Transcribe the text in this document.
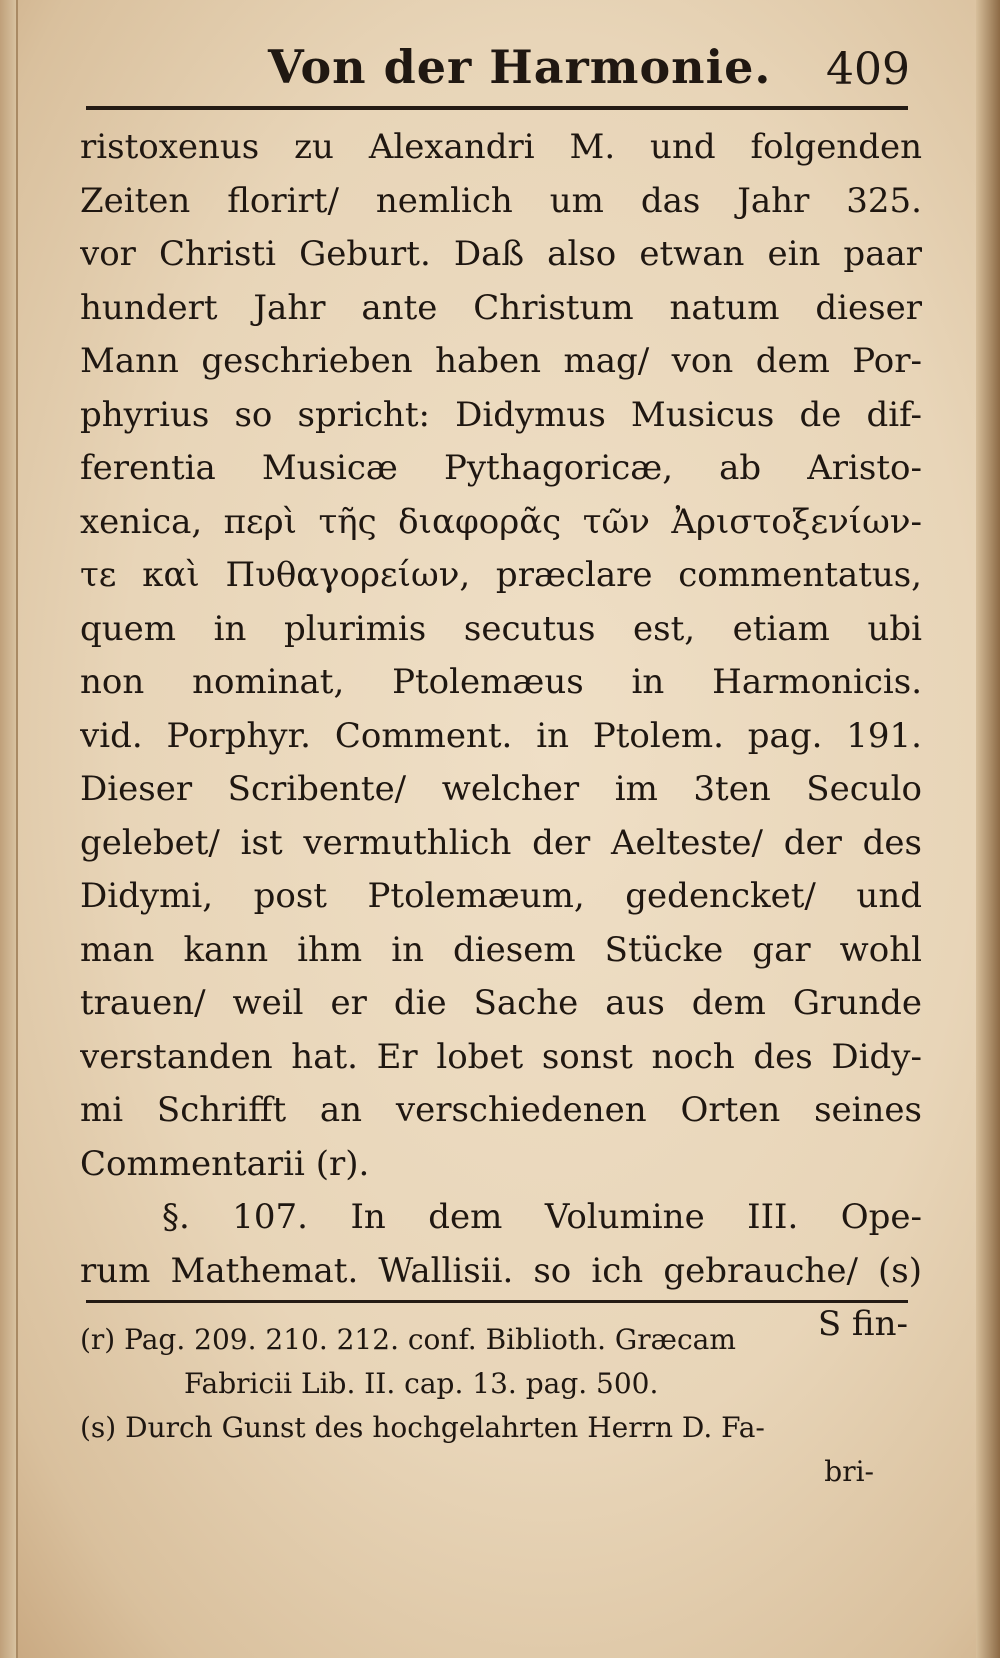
Von der Harmonie. 409
ristoxenus zu Alexandri M. und folgenden
Zeiten florirt/ nemlich um das Jahr 325.
vor Christi Geburt. Daß also etwan ein paar
hundert Jahr ante Christum natum dieser
Mann geschrieben haben mag/ von dem Por-
phyrius so spricht: Didymus Musicus de dif-
ferentia Musicæ Pythagoricæ, ab Aristo-
xenica, περὶ τῆς διαφορᾶς τῶν Ἀριστοξενίων-
τε καὶ Πυθαγορείων, præclare commentatus,
quem in plurimis secutus est, etiam ubi
non nominat, Ptolemæus in Harmonicis.
vid. Porphyr. Comment. in Ptolem. pag. 191.
Dieser Scribente/ welcher im 3ten Seculo
gelebet/ ist vermuthlich der Aelteste/ der des
Didymi, post Ptolemæum, gedencket/ und
man kann ihm in diesem Stücke gar wohl
trauen/ weil er die Sache aus dem Grunde
verstanden hat. Er lobet sonst noch des Didy-
mi Schrifft an verschiedenen Orten seines
Commentarii (r).
§. 107. In dem Volumine III. Ope-
rum Mathemat. Wallisii. so ich gebrauche/ (s)
S fin-
(r) Pag. 209. 210. 212. conf. Biblioth. Græcam
Fabricii Lib. II. cap. 13. pag. 500.
(s) Durch Gunst des hochgelahrten Herrn D. Fa-
bri-
